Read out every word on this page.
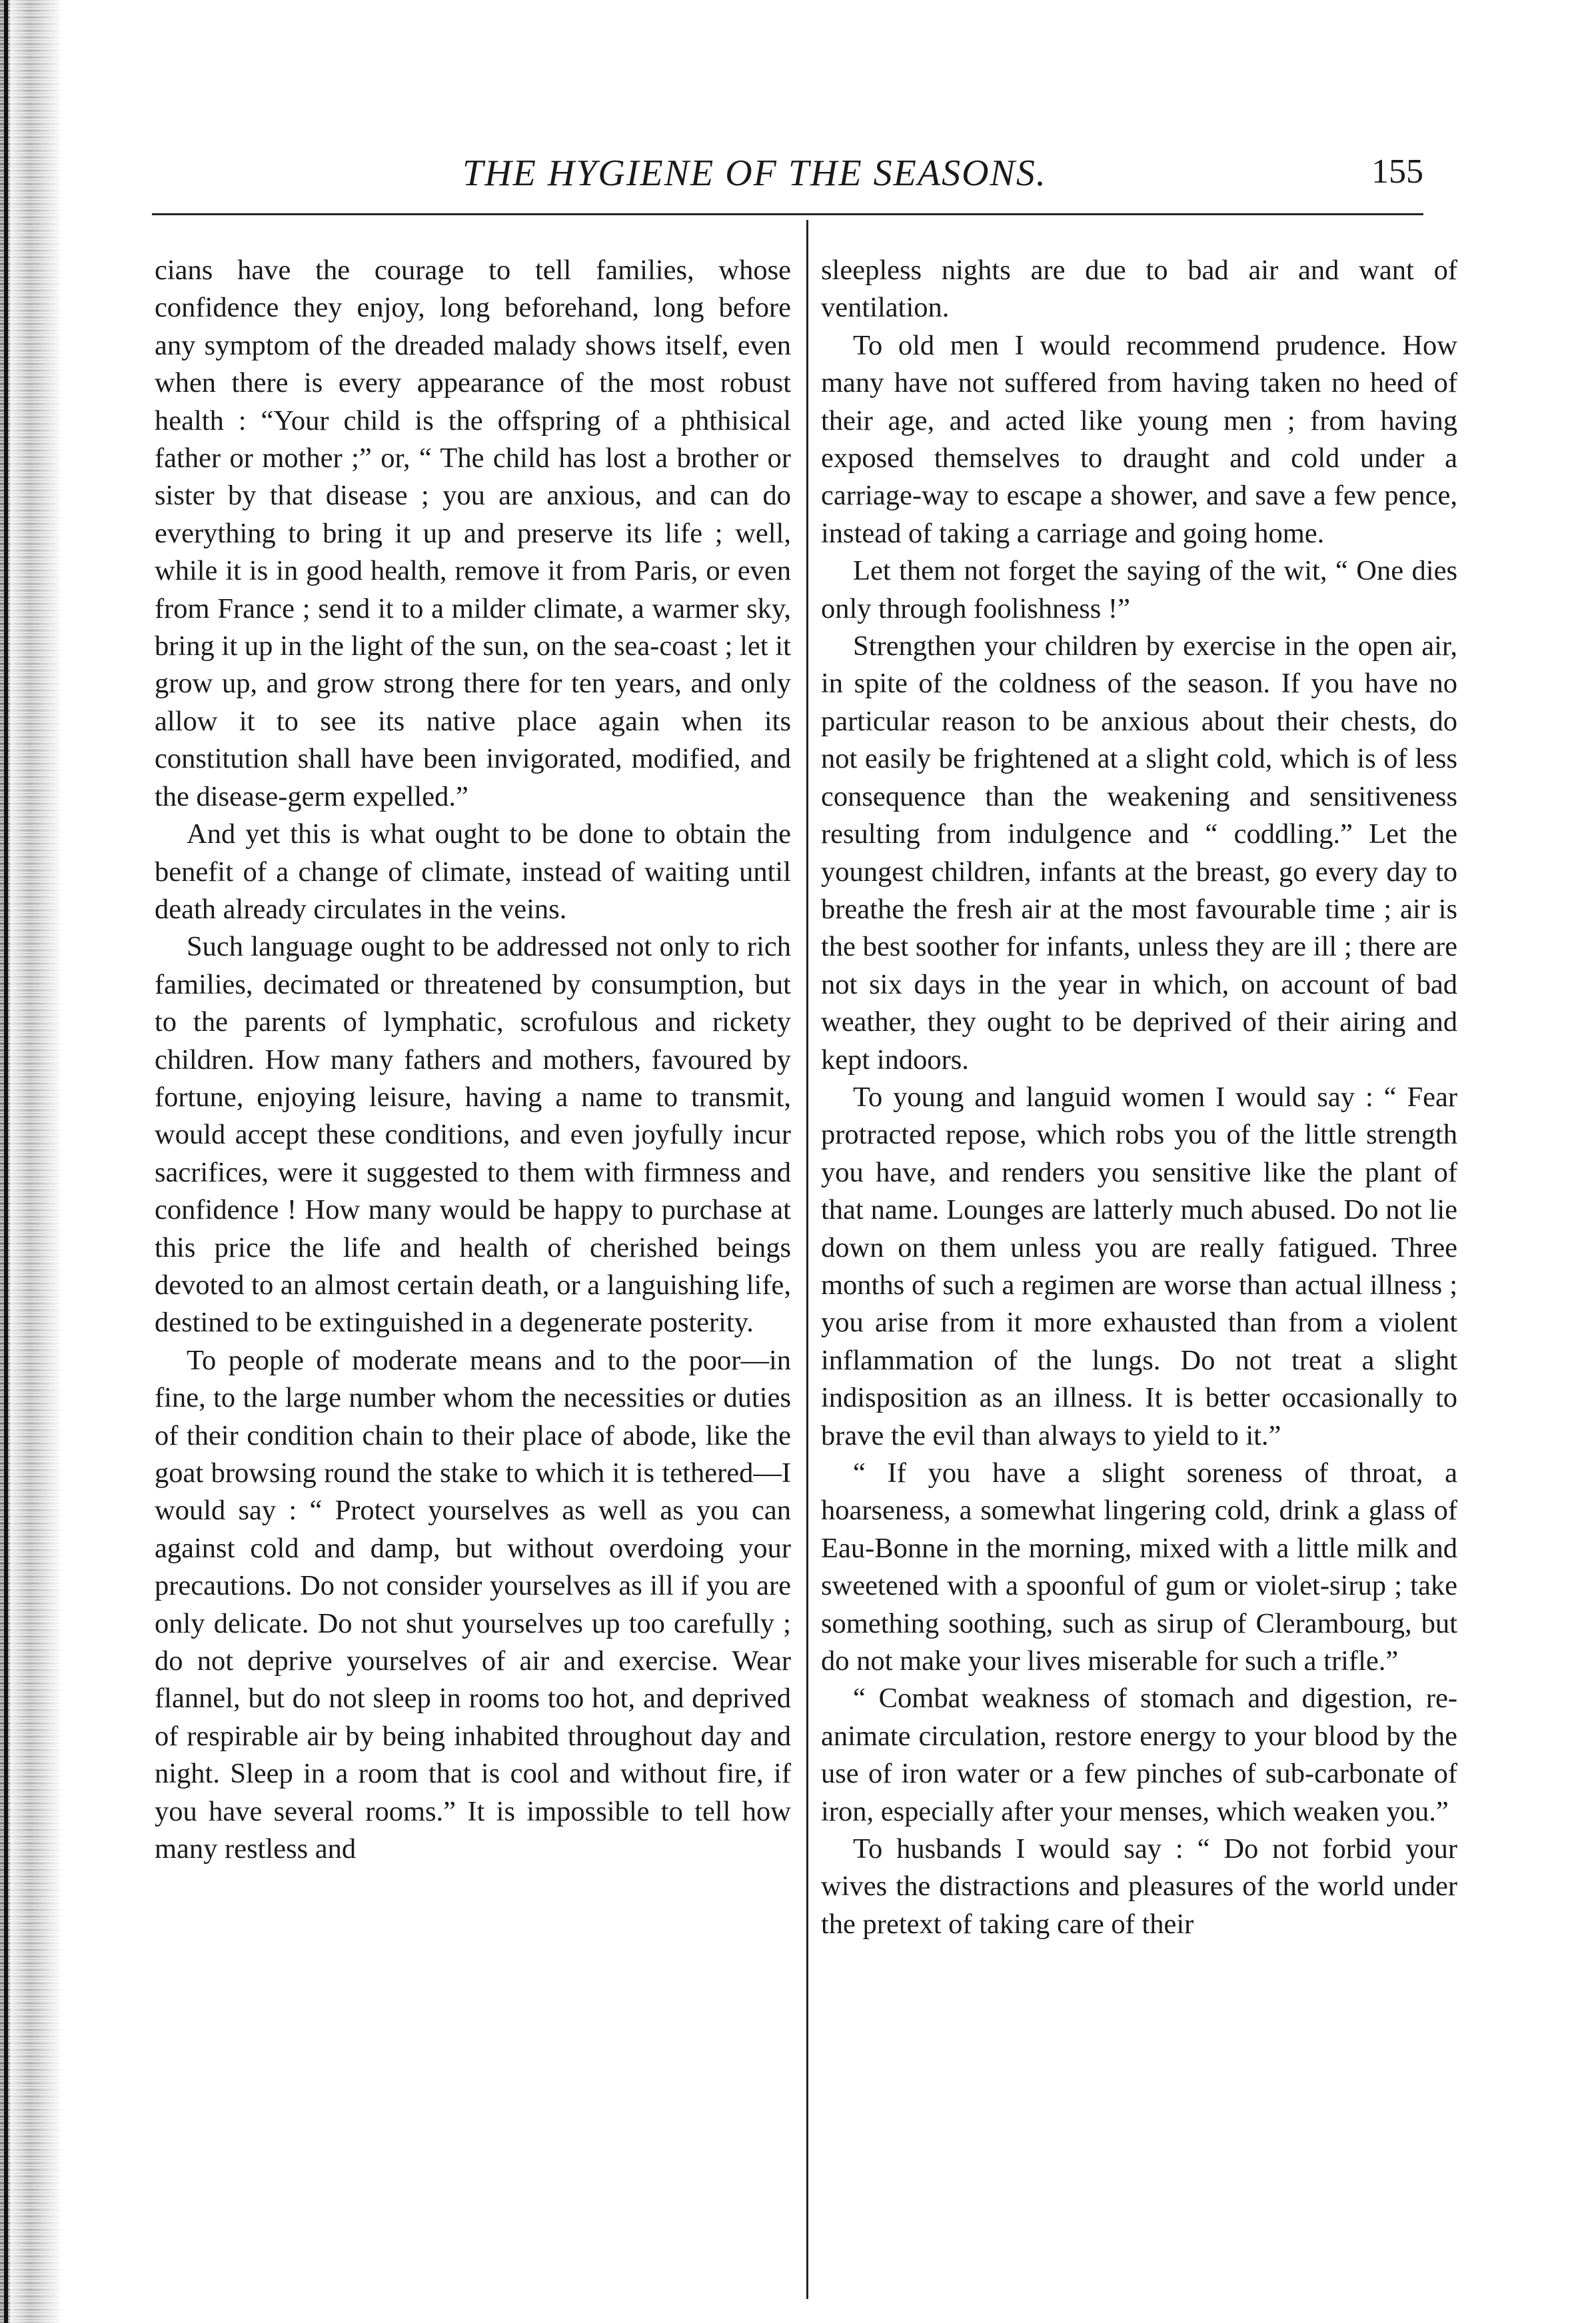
THE HYGIENE OF THE SEASONS.	155

cians have the courage to tell families, whose confidence they enjoy, long beforehand, long before any symptom of the dreaded malady shows itself, even when there is every appearance of the most robust health : “Your child is the offspring of a phthisical father or mother ;” or, “ The child has lost a brother or sister by that disease ; you are anxious, and can do everything to bring it up and preserve its life ; well, while it is in good health, remove it from Paris, or even from France ; send it to a milder climate, a warmer sky, bring it up in the light of the sun, on the sea-coast ; let it grow up, and grow strong there for ten years, and only allow it to see its native place again when its constitution shall have been invigorated, modified, and the disease-germ expelled.”

And yet this is what ought to be done to obtain the benefit of a change of climate, instead of waiting until death already circulates in the veins.

Such language ought to be addressed not only to rich families, decimated or threatened by consumption, but to the parents of lymphatic, scrofulous and rickety children. How many fathers and mothers, favoured by fortune, enjoying leisure, having a name to transmit, would accept these conditions, and even joyfully incur sacrifices, were it suggested to them with firmness and confidence ! How many would be happy to purchase at this price the life and health of cherished beings devoted to an almost certain death, or a languishing life, destined to be extinguished in a degenerate posterity.

To people of moderate means and to the poor—in fine, to the large number whom the necessities or duties of their condition chain to their place of abode, like the goat browsing round the stake to which it is tethered—I would say : “ Protect yourselves as well as you can against cold and damp, but without overdoing your precautions. Do not consider yourselves as ill if you are only delicate. Do not shut yourselves up too carefully ; do not deprive yourselves of air and exercise. Wear flannel, but do not sleep in rooms too hot, and deprived of respirable air by being inhabited throughout day and night. Sleep in a room that is cool and without fire, if you have several rooms.” It is impossible to tell how many restless and

sleepless nights are due to bad air and want of ventilation.

To old men I would recommend prudence. How many have not suffered from having taken no heed of their age, and acted like young men ; from having exposed themselves to draught and cold under a carriage-way to escape a shower, and save a few pence, instead of taking a carriage and going home.

Let them not forget the saying of the wit, “ One dies only through foolishness !”

Strengthen your children by exercise in the open air, in spite of the coldness of the season. If you have no particular reason to be anxious about their chests, do not easily be frightened at a slight cold, which is of less consequence than the weakening and sensitiveness resulting from indulgence and “ coddling.” Let the youngest children, infants at the breast, go every day to breathe the fresh air at the most favourable time ; air is the best soother for infants, unless they are ill ; there are not six days in the year in which, on account of bad weather, they ought to be deprived of their airing and kept indoors.

To young and languid women I would say : “ Fear protracted repose, which robs you of the little strength you have, and renders you sensitive like the plant of that name. Lounges are latterly much abused. Do not lie down on them unless you are really fatigued. Three months of such a regimen are worse than actual illness ; you arise from it more exhausted than from a violent inflammation of the lungs. Do not treat a slight indisposition as an illness. It is better occasionally to brave the evil than always to yield to it.”

“ If you have a slight soreness of throat, a hoarseness, a somewhat lingering cold, drink a glass of Eau-Bonne in the morning, mixed with a little milk and sweetened with a spoonful of gum or violet-sirup ; take something soothing, such as sirup of Clerambourg, but do not make your lives miserable for such a trifle.”

“ Combat weakness of stomach and digestion, re-animate circulation, restore energy to your blood by the use of iron water or a few pinches of sub-carbonate of iron, especially after your menses, which weaken you.”

To husbands I would say : “ Do not forbid your wives the distractions and pleasures of the world under the pretext of taking care of their
